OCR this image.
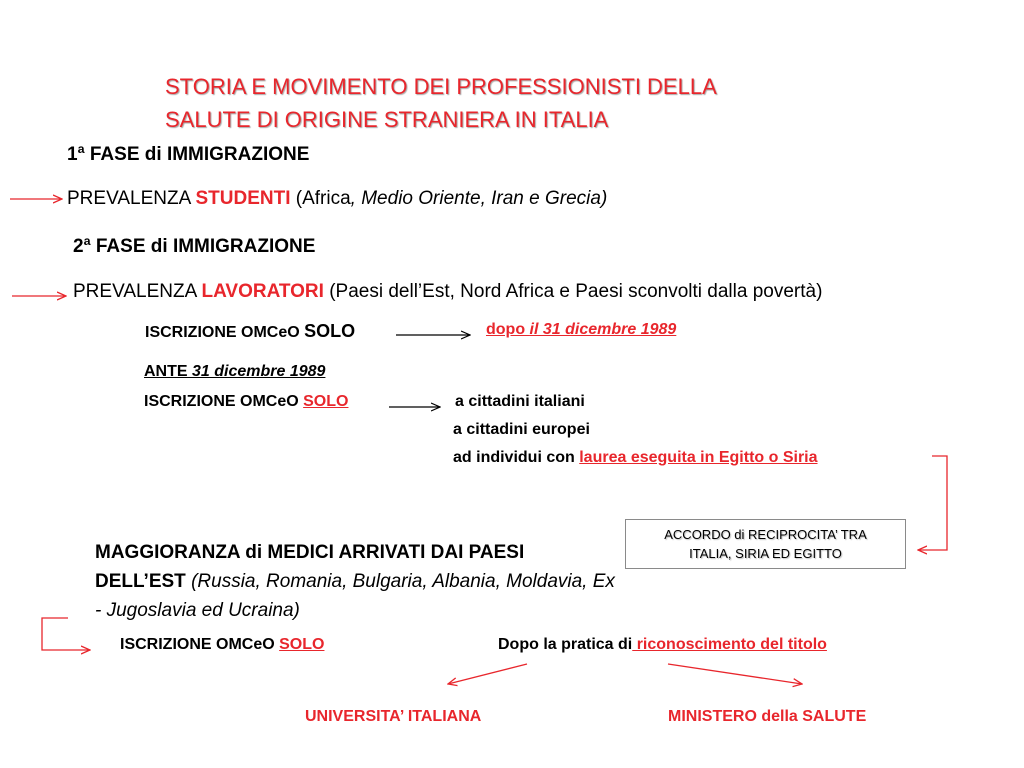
STORIA E MOVIMENTO DEI PROFESSIONISTI DELLA
SALUTE DI ORIGINE STRANIERA IN ITALIA
1ª FASE di IMMIGRAZIONE
PREVALENZA STUDENTI (Africa, Medio Oriente, Iran e Grecia)
2ª FASE di IMMIGRAZIONE
PREVALENZA LAVORATORI (Paesi dell’Est, Nord Africa e Paesi sconvolti dalla povertà)
ISCRIZIONE OMCeO SOLO	dopo il 31 dicembre 1989
ANTE 31 dicembre 1989
ISCRIZIONE OMCeO SOLO	a cittadini italiani
a cittadini europei
ad individui con laurea eseguita in Egitto o Siria
ACCORDO di RECIPROCITA’ TRA
ITALIA, SIRIA ED EGITTO
MAGGIORANZA di MEDICI ARRIVATI DAI PAESI DELL’EST (Russia, Romania, Bulgaria, Albania, Moldavia, Ex - Jugoslavia ed Ucraina)
ISCRIZIONE OMCeO SOLO	Dopo la pratica di riconoscimento del titolo
UNIVERSITA’ ITALIANA	MINISTERO della SALUTE
